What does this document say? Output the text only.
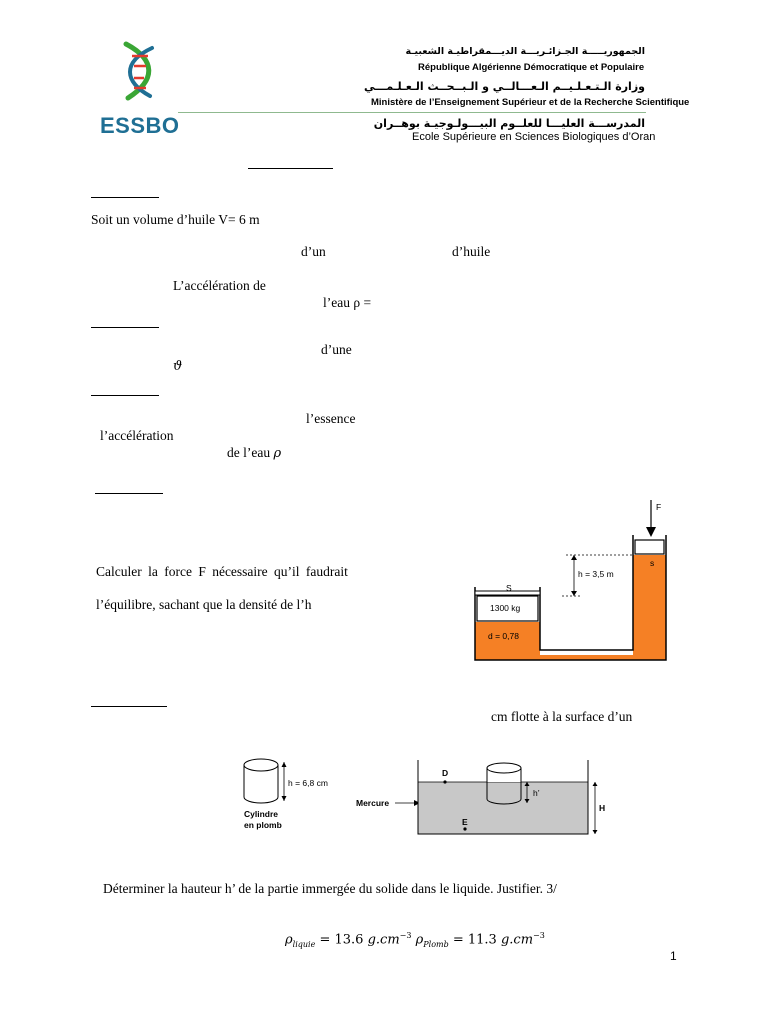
ESSBO
الجمهوريـــــة الجـزائـريـــة الديـــمقراطيـة الشعبيـة
République Algérienne Démocratique et Populaire
وزارة الـتـعـلـيــم الـعـــالــي و الـبــحــث الـعـلـمـــي
Ministère de l’Enseignement Supérieur et de la Recherche Scientifique
المدرســـة العليـــا للعلــوم البيـــولـوجيـة بوهــران
Ecole Supérieure en Sciences Biologiques d’Oran
Soit un volume d’huile V= 6 m
d’un	d’huile
L’accélération de
l’eau ρ =
d’une
ϑ
l’essence
l’accélération
de l’eau ρ
Calculer la force F nécessaire qu’il faudrait
l’équilibre, sachant que la densité de l’h
F
h = 3,5 m
s
S
1300 kg
d = 0,78
cm flotte à la surface d’un
h = 6,8 cm
Cylindre
en plomb
Mercure
D
E
h’
H
Déterminer la hauteur h’ de la partie immergée du solide dans le liquide. Justifier. 3/
$\rho_{liquie} = 13.6$ $g.cm^{-3}$ $\rho_{Plomb} = 11.3$ $g.cm^{-3}$
1
